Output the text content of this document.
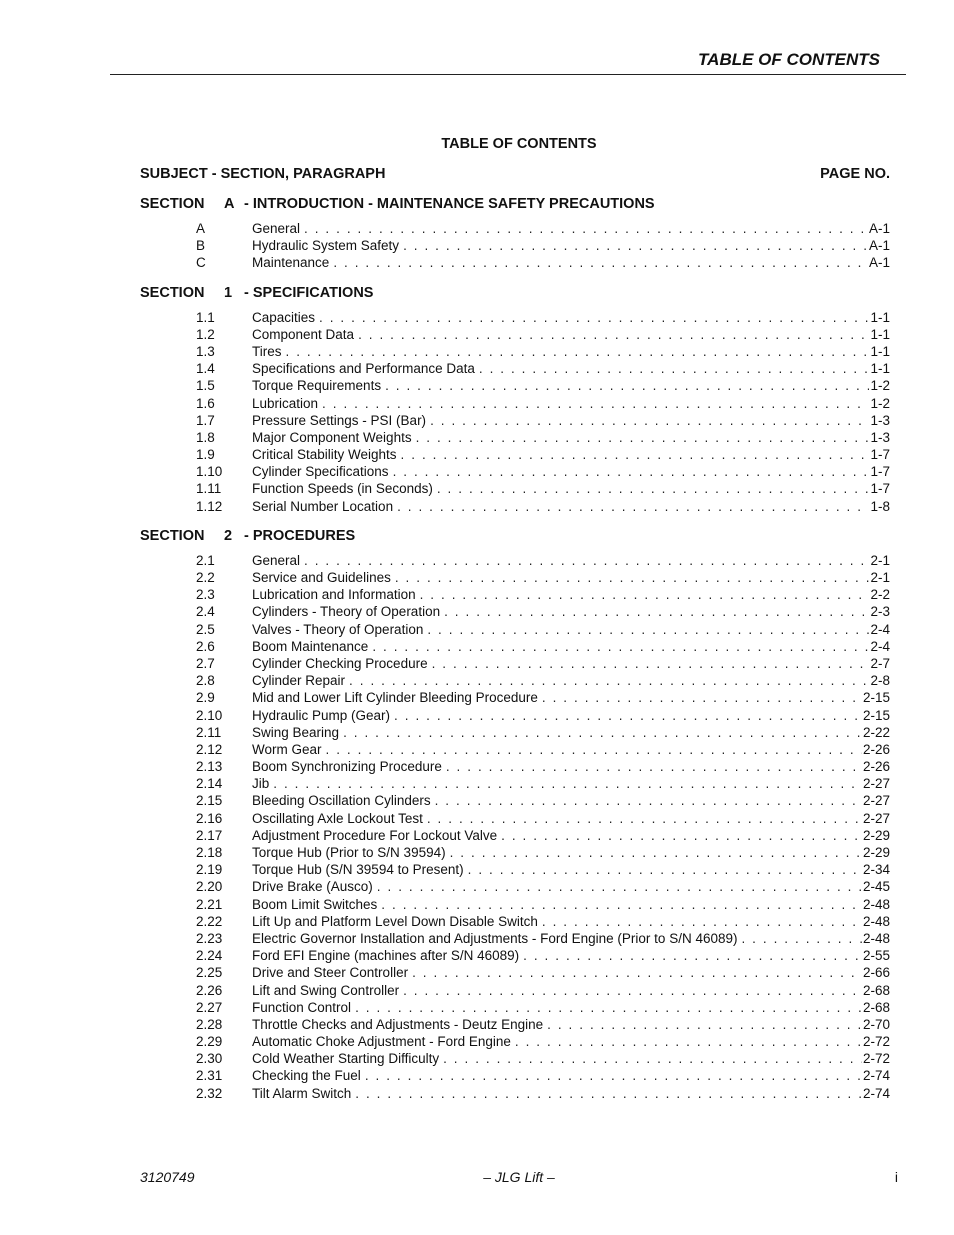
TABLE OF CONTENTS
TABLE OF CONTENTS
SUBJECT - SECTION, PARAGRAPH	PAGE NO.
SECTION A - INTRODUCTION - MAINTENANCE SAFETY PRECAUTIONS
A	General . . .	A-1
B	Hydraulic System Safety . . .	A-1
C	Maintenance . . .	A-1
SECTION 1 - SPECIFICATIONS
1.1	Capacities . . .	1-1
1.2	Component Data . . .	1-1
1.3	Tires . . .	1-1
1.4	Specifications and Performance Data . . .	1-1
1.5	Torque Requirements . . .	1-2
1.6	Lubrication . . .	1-2
1.7	Pressure Settings - PSI (Bar) . . .	1-3
1.8	Major Component Weights . . .	1-3
1.9	Critical Stability Weights . . .	1-7
1.10	Cylinder Specifications . . .	1-7
1.11	Function Speeds (in Seconds) . . .	1-7
1.12	Serial Number Location . . .	1-8
SECTION 2 - PROCEDURES
2.1	General . . .	2-1
2.2	Service and Guidelines . . .	2-1
2.3	Lubrication and Information . . .	2-2
2.4	Cylinders - Theory of Operation . . .	2-3
2.5	Valves - Theory of Operation . . .	2-4
2.6	Boom Maintenance . . .	2-4
2.7	Cylinder Checking Procedure . . .	2-7
2.8	Cylinder Repair . . .	2-8
2.9	Mid and Lower Lift Cylinder Bleeding Procedure . . .	2-15
2.10	Hydraulic Pump (Gear) . . .	2-15
2.11	Swing Bearing . . .	2-22
2.12	Worm Gear . . .	2-26
2.13	Boom Synchronizing Procedure . . .	2-26
2.14	Jib . . .	2-27
2.15	Bleeding Oscillation Cylinders . . .	2-27
2.16	Oscillating Axle Lockout Test . . .	2-27
2.17	Adjustment Procedure For Lockout Valve . . .	2-29
2.18	Torque Hub (Prior to S/N 39594) . . .	2-29
2.19	Torque Hub (S/N 39594 to Present) . . .	2-34
2.20	Drive Brake (Ausco) . . .	2-45
2.21	Boom Limit Switches . . .	2-48
2.22	Lift Up and Platform Level Down Disable Switch . . .	2-48
2.23	Electric Governor Installation and Adjustments - Ford Engine (Prior to S/N 46089) . . .	2-48
2.24	Ford EFI Engine (machines after S/N 46089) . . .	2-55
2.25	Drive and Steer Controller . . .	2-66
2.26	Lift and Swing Controller . . .	2-68
2.27	Function Control . . .	2-68
2.28	Throttle Checks and Adjustments - Deutz Engine . . .	2-70
2.29	Automatic Choke Adjustment - Ford Engine . . .	2-72
2.30	Cold Weather Starting Difficulty . . .	2-72
2.31	Checking the Fuel . . .	2-74
2.32	Tilt Alarm Switch . . .	2-74
3120749	– JLG Lift –	i
